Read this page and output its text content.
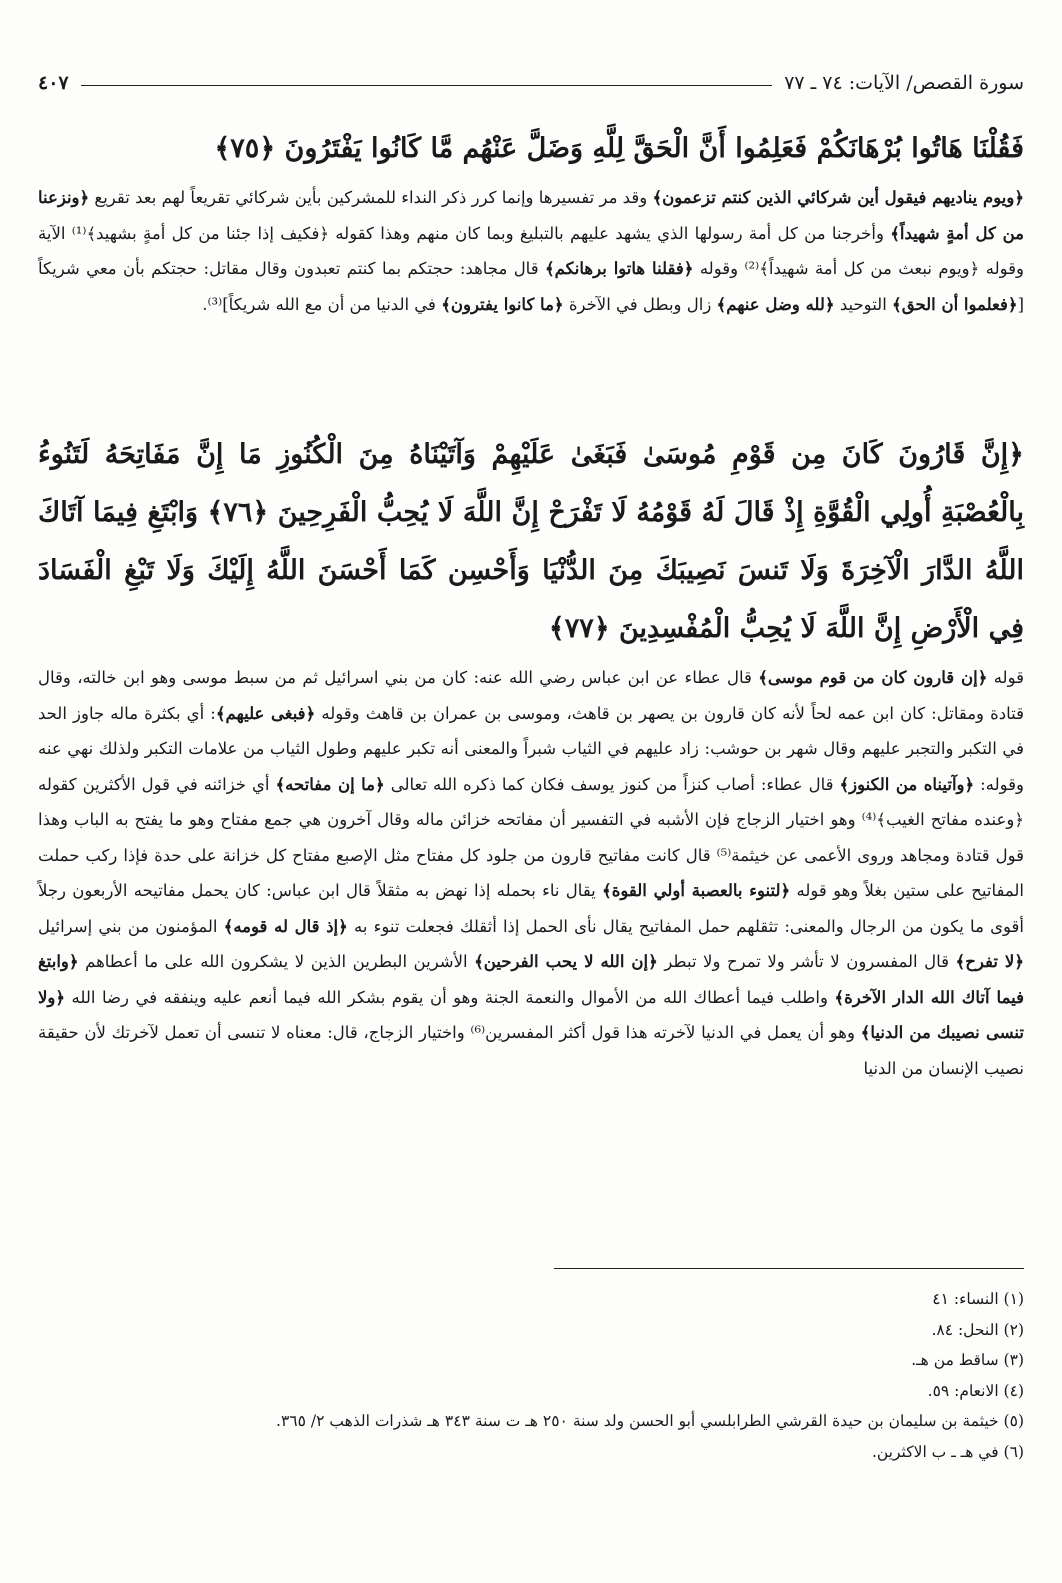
سورة القصص/ الآيات: ٧٤ ـ ٧٧
٤٠٧
فَقُلْنَا هَاتُوا بُرْهَانَكُمْ فَعَلِمُوا أَنَّ الْحَقَّ لِلَّهِ وَضَلَّ عَنْهُم مَّا كَانُوا يَفْتَرُونَ ﴿٧٥﴾

﴿ويوم يناديهم فيقول أين شركائي الذين كنتم تزعمون﴾ وقد مر تفسيرها وإنما كرر ذكر النداء للمشركين بأين شركائي تقريعاً لهم بعد تقريع ﴿ونزعنا من كل أمةٍ شهيداً﴾ وأخرجنا من كل أمة رسولها الذي يشهد عليهم بالتبليغ وبما كان منهم وهذا كقوله ﴿فكيف إذا جئنا من كل أمةٍ بشهيد﴾⁽¹⁾ الآية وقوله ﴿ويوم نبعث من كل أمة شهيداً﴾⁽²⁾ وقوله ﴿فقلنا هاتوا برهانكم﴾ قال مجاهد: حجتكم بما كنتم تعبدون وقال مقاتل: حجتكم بأن معي شريكاً [﴿فعلموا أن الحق﴾ التوحيد ﴿لله وضل عنهم﴾ زال وبطل في الآخرة ﴿ما كانوا يفترون﴾ في الدنيا من أن مع الله شريكاً]⁽³⁾.

﴿إِنَّ قَارُونَ كَانَ مِن قَوْمِ مُوسَىٰ فَبَغَىٰ عَلَيْهِمْ وَآتَيْنَاهُ مِنَ الْكُنُوزِ مَا إِنَّ مَفَاتِحَهُ لَتَنُوءُ بِالْعُصْبَةِ أُولِي الْقُوَّةِ إِذْ قَالَ لَهُ قَوْمُهُ لَا تَفْرَحْ إِنَّ اللَّهَ لَا يُحِبُّ الْفَرِحِينَ ﴿٧٦﴾ وَابْتَغِ فِيمَا آتَاكَ اللَّهُ الدَّارَ الْآخِرَةَ وَلَا تَنسَ نَصِيبَكَ مِنَ الدُّنْيَا وَأَحْسِن كَمَا أَحْسَنَ اللَّهُ إِلَيْكَ وَلَا تَبْغِ الْفَسَادَ فِي الْأَرْضِ إِنَّ اللَّهَ لَا يُحِبُّ الْمُفْسِدِينَ ﴿٧٧﴾

قوله ﴿إن قارون كان من قوم موسى﴾ قال عطاء عن ابن عباس رضي الله عنه: كان من بني اسرائيل ثم من سبط موسى وهو ابن خالته، وقال قتادة ومقاتل: كان ابن عمه لحاً لأنه كان قارون بن يصهر بن قاهث، وموسى بن عمران بن قاهث وقوله ﴿فبغى عليهم﴾: أي بكثرة ماله جاوز الحد في التكبر والتجبر عليهم وقال شهر بن حوشب: زاد عليهم في الثياب شبراً والمعنى أنه تكبر عليهم وطول الثياب من علامات التكبر ولذلك نهي عنه وقوله: ﴿وآتيناه من الكنوز﴾ قال عطاء: أصاب كنزاً من كنوز يوسف فكان كما ذكره الله تعالى ﴿ما إن مفاتحه﴾ أي خزائنه في قول الأكثرين كقوله ﴿وعنده مفاتح الغيب﴾⁽⁴⁾ وهو اختيار الزجاج فإن الأشبه في التفسير أن مفاتحه خزائن ماله وقال آخرون هي جمع مفتاح وهو ما يفتح به الباب وهذا قول قتادة ومجاهد وروى الأعمى عن خيثمة⁽⁵⁾ قال كانت مفاتيح قارون من جلود كل مفتاح مثل الإصبع مفتاح كل خزانة على حدة فإذا ركب حملت المفاتيح على ستين بغلاً وهو قوله ﴿لتنوء بالعصبة أولي القوة﴾ يقال ناء بحمله إذا نهض به مثقلاً قال ابن عباس: كان يحمل مفاتيحه الأربعون رجلاً أقوى ما يكون من الرجال والمعنى: تثقلهم حمل المفاتيح يقال نأى الحمل إذا أثقلك فجعلت تنوء به ﴿إذ قال له قومه﴾ المؤمنون من بني إسرائيل ﴿لا تفرح﴾ قال المفسرون لا تأشر ولا تمرح ولا تبطر ﴿إن الله لا يحب الفرحين﴾ الأشرين البطرين الذين لا يشكرون الله على ما أعطاهم ﴿وابتغ فيما آتاك الله الدار الآخرة﴾ واطلب فيما أعطاك الله من الأموال والنعمة الجنة وهو أن يقوم بشكر الله فيما أنعم عليه وينفقه في رضا الله ﴿ولا تنسى نصيبك من الدنيا﴾ وهو أن يعمل في الدنيا لآخرته هذا قول أكثر المفسرين⁽⁶⁾ واختيار الزجاج، قال: معناه لا تنسى أن تعمل لآخرتك لأن حقيقة نصيب الإنسان من الدنيا

(١) النساء: ٤١
(٢) النحل: ٨٤.
(٣) ساقط من هـ.
(٤) الانعام: ٥٩.
(٥) خيثمة بن سليمان بن حيدة القرشي الطرابلسي أبو الحسن ولد سنة ٢٥٠ هـ ت سنة ٣٤٣ هـ شذرات الذهب ٢/ ٣٦٥.
(٦) في هـ ـ ب الاكثرين.
